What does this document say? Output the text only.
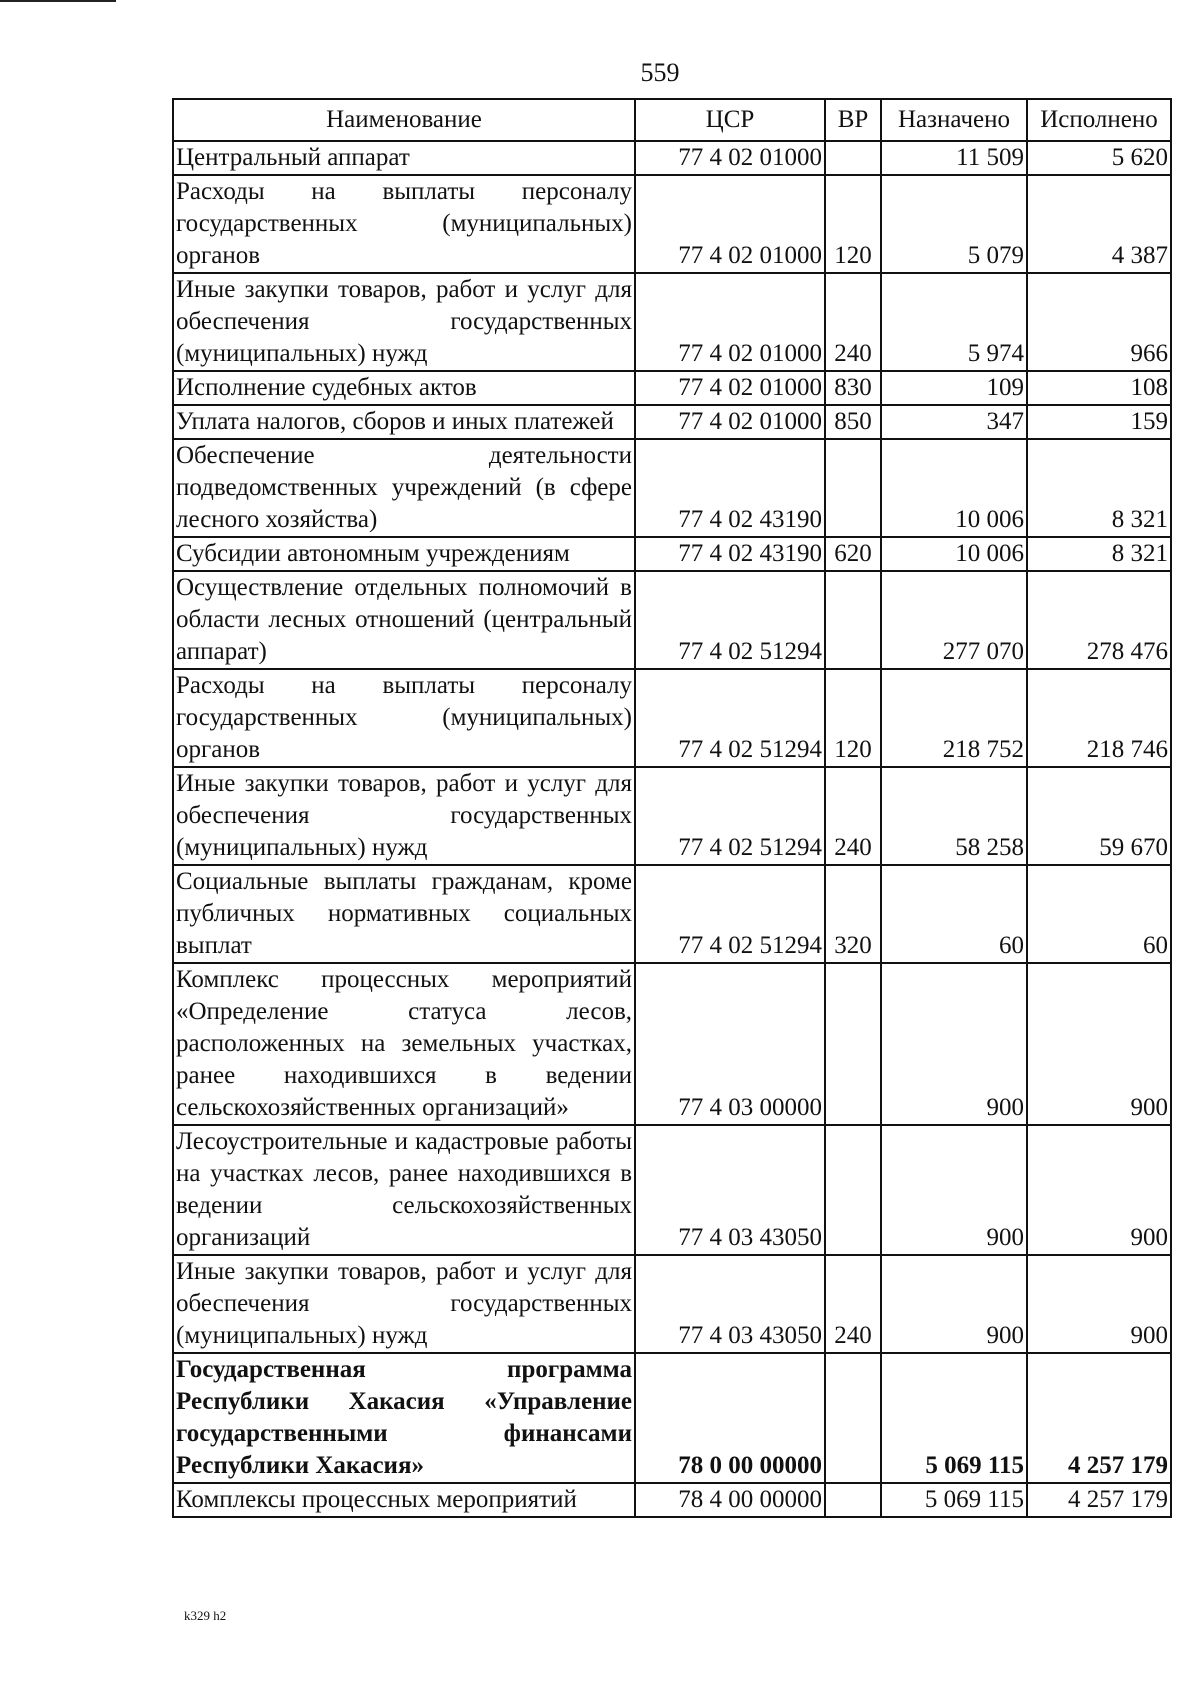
559
Наименование	ЦСР	ВР	Назначено	Исполнено
Центральный аппарат	77 4 02 01000		11 509	5 620
Расходы на выплаты персоналу государственных (муниципальных) органов	77 4 02 01000	120	5 079	4 387
Иные закупки товаров, работ и услуг для обеспечения государственных (муниципальных) нужд	77 4 02 01000	240	5 974	966
Исполнение судебных актов	77 4 02 01000	830	109	108
Уплата налогов, сборов и иных платежей	77 4 02 01000	850	347	159
Обеспечение деятельности подведомственных учреждений (в сфере лесного хозяйства)	77 4 02 43190		10 006	8 321
Субсидии автономным учреждениям	77 4 02 43190	620	10 006	8 321
Осуществление отдельных полномочий в области лесных отношений (центральный аппарат)	77 4 02 51294		277 070	278 476
Расходы на выплаты персоналу государственных (муниципальных) органов	77 4 02 51294	120	218 752	218 746
Иные закупки товаров, работ и услуг для обеспечения государственных (муниципальных) нужд	77 4 02 51294	240	58 258	59 670
Социальные выплаты гражданам, кроме публичных нормативных социальных выплат	77 4 02 51294	320	60	60
Комплекс процессных мероприятий «Определение статуса лесов, расположенных на земельных участках, ранее находившихся в ведении сельскохозяйственных организаций»	77 4 03 00000		900	900
Лесоустроительные и кадастровые работы на участках лесов, ранее находившихся в ведении сельскохозяйственных организаций	77 4 03 43050		900	900
Иные закупки товаров, работ и услуг для обеспечения государственных (муниципальных) нужд	77 4 03 43050	240	900	900
Государственная программа Республики Хакасия «Управление государственными финансами Республики Хакасия»	78 0 00 00000		5 069 115	4 257 179
Комплексы процессных мероприятий	78 4 00 00000		5 069 115	4 257 179
k329 h2
